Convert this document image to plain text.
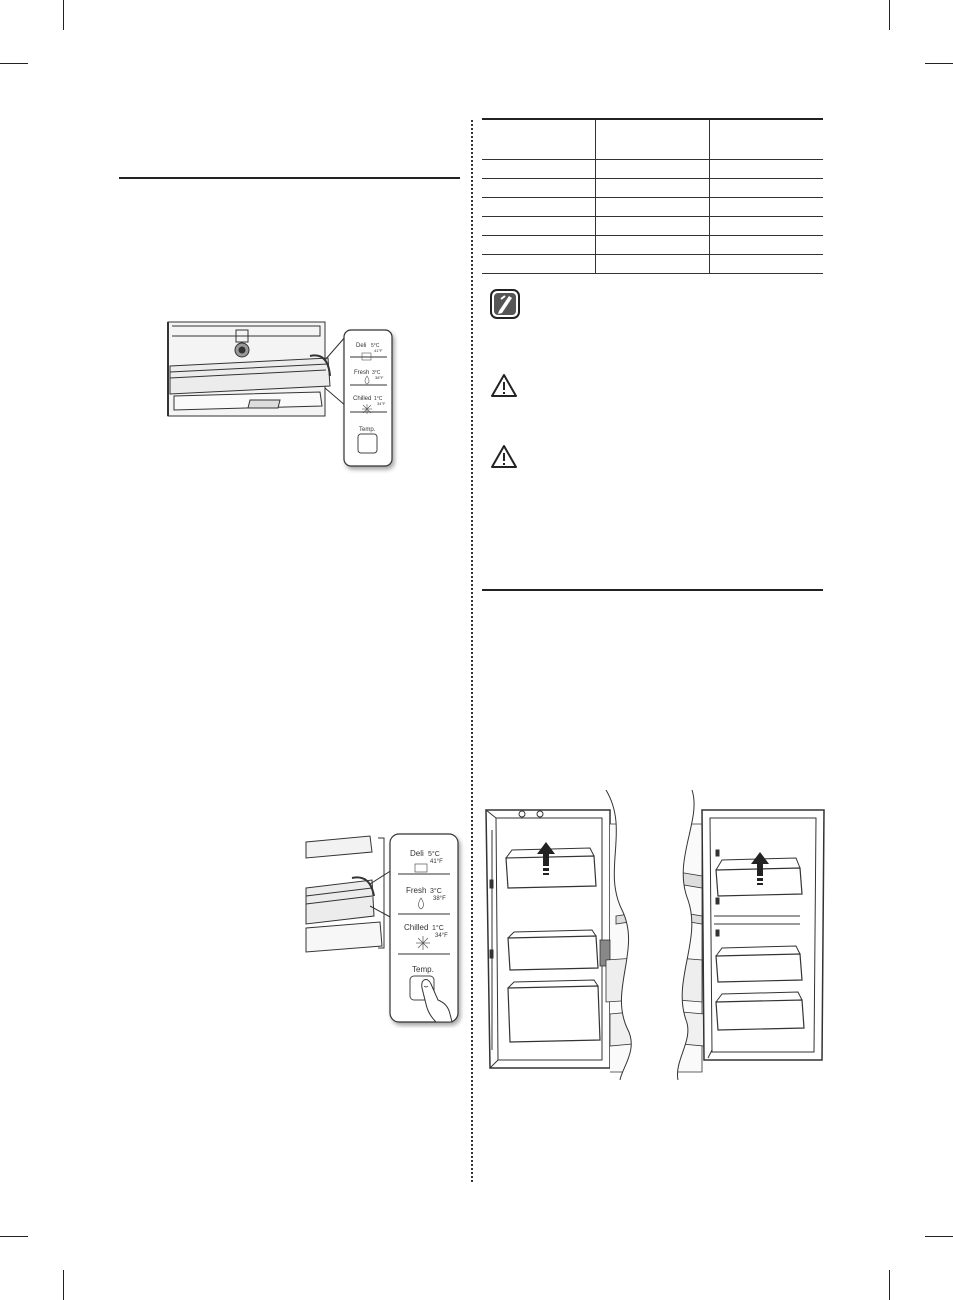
Deli 5°C
41°F
Fresh 3°C
38°F
Chilled 1°C
34°F
Temp.
Deli 5°C
41°F
Fresh 3°C
38°F
Chilled 1°C
34°F
Temp.
